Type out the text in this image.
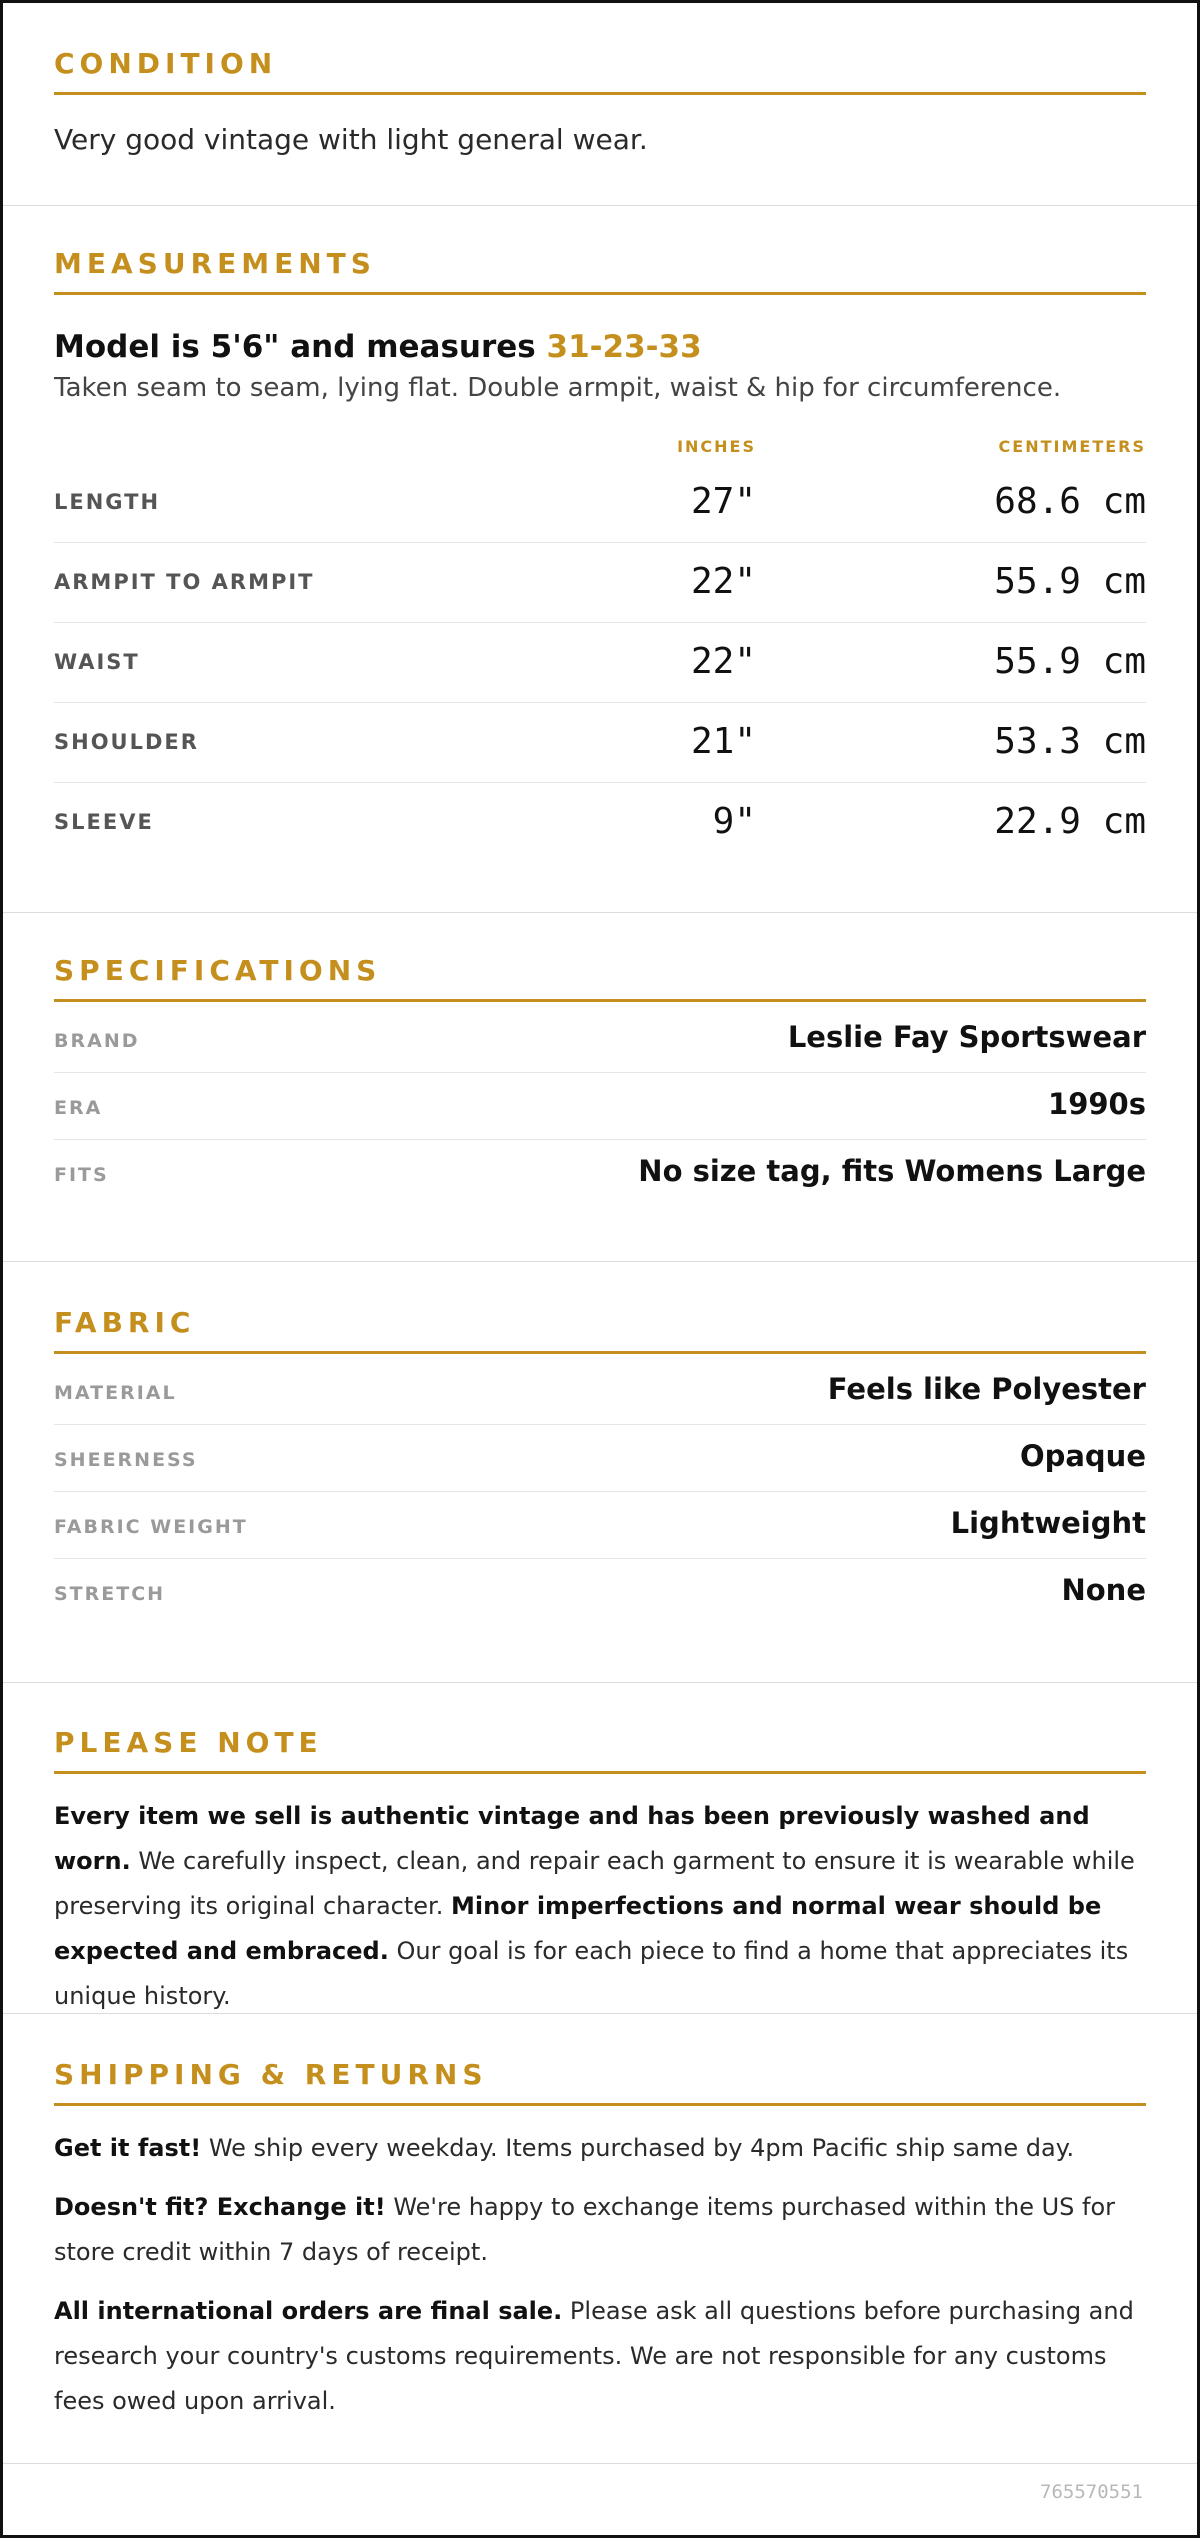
CONDITION
Very good vintage with light general wear.
MEASUREMENTS
Model is 5'6" and measures 31-23-33
Taken seam to seam, lying flat. Double armpit, waist & hip for circumference.
INCHES	CENTIMETERS
LENGTH	27"	68.6 cm
ARMPIT TO ARMPIT	22"	55.9 cm
WAIST	22"	55.9 cm
SHOULDER	21"	53.3 cm
SLEEVE	9"	22.9 cm
SPECIFICATIONS
BRAND	Leslie Fay Sportswear
ERA	1990s
FITS	No size tag, fits Womens Large
FABRIC
MATERIAL	Feels like Polyester
SHEERNESS	Opaque
FABRIC WEIGHT	Lightweight
STRETCH	None
PLEASE NOTE
Every item we sell is authentic vintage and has been previously washed and worn. We carefully inspect, clean, and repair each garment to ensure it is wearable while preserving its original character. Minor imperfections and normal wear should be expected and embraced. Our goal is for each piece to find a home that appreciates its unique history.
SHIPPING & RETURNS
Get it fast! We ship every weekday. Items purchased by 4pm Pacific ship same day.
Doesn't fit? Exchange it! We're happy to exchange items purchased within the US for store credit within 7 days of receipt.
All international orders are final sale. Please ask all questions before purchasing and research your country's customs requirements. We are not responsible for any customs fees owed upon arrival.
765570551
